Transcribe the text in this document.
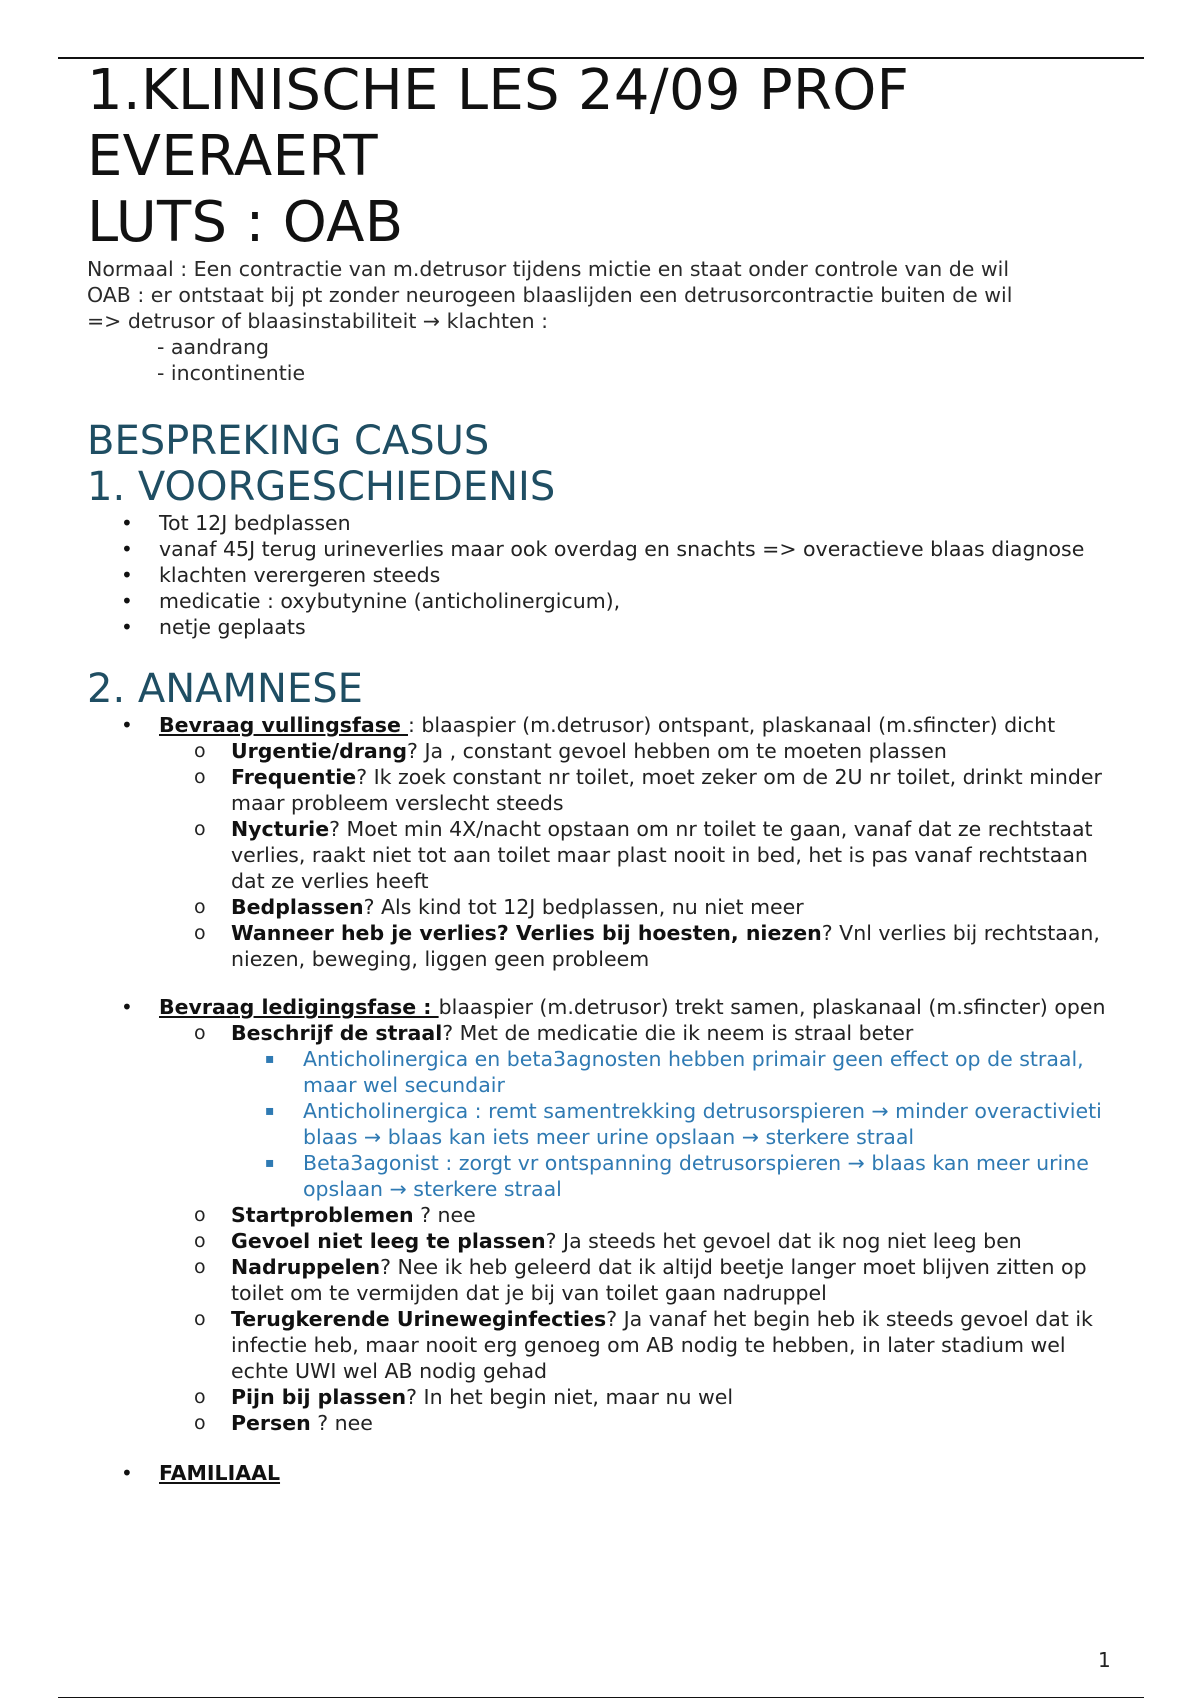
1.KLINISCHE LES 24/09 PROF
EVERAERT
LUTS : OAB
Normaal : Een contractie van m.detrusor tijdens mictie en staat onder controle van de wil
OAB : er ontstaat bij pt zonder neurogeen blaaslijden een detrusorcontractie buiten de wil
=> detrusor of blaasinstabiliteit → klachten :
- aandrang
- incontinentie
BESPREKING CASUS
1. VOORGESCHIEDENIS
• Tot 12J bedplassen
• vanaf 45J terug urineverlies maar ook overdag en snachts => overactieve blaas diagnose
• klachten verergeren steeds
• medicatie : oxybutynine (anticholinergicum),
• netje geplaats
2. ANAMNESE
• Bevraag vullingsfase : blaaspier (m.detrusor) ontspant, plaskanaal (m.sfincter) dicht
o Urgentie/drang? Ja , constant gevoel hebben om te moeten plassen
o Frequentie? Ik zoek constant nr toilet, moet zeker om de 2U nr toilet, drinkt minder maar probleem verslecht steeds
o Nycturie? Moet min 4X/nacht opstaan om nr toilet te gaan, vanaf dat ze rechtstaat verlies, raakt niet tot aan toilet maar plast nooit in bed, het is pas vanaf rechtstaan dat ze verlies heeft
o Bedplassen? Als kind tot 12J bedplassen, nu niet meer
o Wanneer heb je verlies? Verlies bij hoesten, niezen? Vnl verlies bij rechtstaan, niezen, beweging, liggen geen probleem
• Bevraag ledigingsfase : blaaspier (m.detrusor) trekt samen, plaskanaal (m.sfincter) open
o Beschrijf de straal? Met de medicatie die ik neem is straal beter
▪ Anticholinergica en beta3agnosten hebben primair geen effect op de straal, maar wel secundair
▪ Anticholinergica : remt samentrekking detrusorspieren → minder overactivieti blaas → blaas kan iets meer urine opslaan → sterkere straal
▪ Beta3agonist : zorgt vr ontspanning detrusorspieren → blaas kan meer urine opslaan → sterkere straal
o Startproblemen ? nee
o Gevoel niet leeg te plassen? Ja steeds het gevoel dat ik nog niet leeg ben
o Nadruppelen? Nee ik heb geleerd dat ik altijd beetje langer moet blijven zitten op toilet om te vermijden dat je bij van toilet gaan nadruppel
o Terugkerende Urineweginfecties? Ja vanaf het begin heb ik steeds gevoel dat ik infectie heb, maar nooit erg genoeg om AB nodig te hebben, in later stadium wel echte UWI wel AB nodig gehad
o Pijn bij plassen? In het begin niet, maar nu wel
o Persen ? nee
• FAMILIAAL
1
